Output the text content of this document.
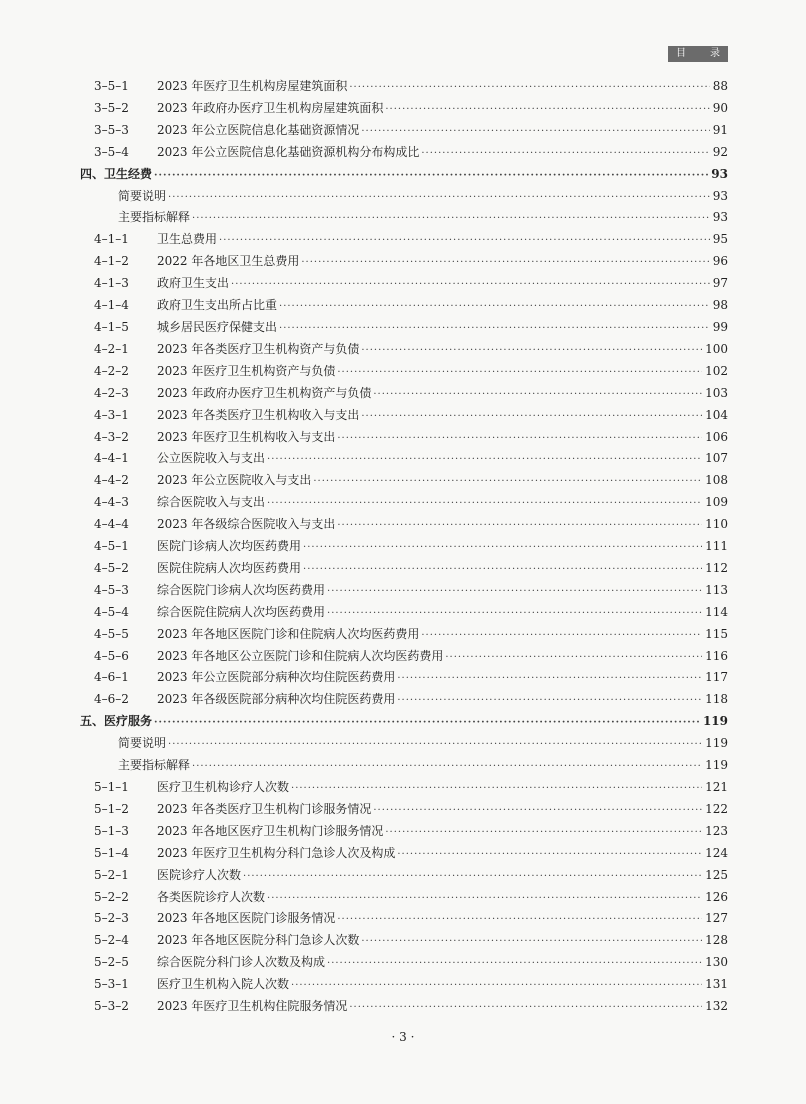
目 录
3–5–1 2023 年医疗卫生机构房屋建筑面积 ·····	88
3–5–2 2023 年政府办医疗卫生机构房屋建筑面积 ·····	90
3–5–3 2023 年公立医院信息化基础资源情况 ·····	91
3–5–4 2023 年公立医院信息化基础资源机构分布构成比 ·····	92
四、卫生经费 ·····	93
简要说明 ·····	93
主要指标解释 ·····	93
4–1–1 卫生总费用 ·····	95
4–1–2 2022 年各地区卫生总费用 ·····	96
4–1–3 政府卫生支出 ·····	97
4–1–4 政府卫生支出所占比重 ·····	98
4–1–5 城乡居民医疗保健支出 ·····	99
4–2–1 2023 年各类医疗卫生机构资产与负债 ·····	100
4–2–2 2023 年医疗卫生机构资产与负债 ·····	102
4–2–3 2023 年政府办医疗卫生机构资产与负债 ·····	103
4–3–1 2023 年各类医疗卫生机构收入与支出 ·····	104
4–3–2 2023 年医疗卫生机构收入与支出 ·····	106
4–4–1 公立医院收入与支出 ·····	107
4–4–2 2023 年公立医院收入与支出 ·····	108
4–4–3 综合医院收入与支出 ·····	109
4–4–4 2023 年各级综合医院收入与支出 ·····	110
4–5–1 医院门诊病人次均医药费用 ·····	111
4–5–2 医院住院病人次均医药费用 ·····	112
4–5–3 综合医院门诊病人次均医药费用 ·····	113
4–5–4 综合医院住院病人次均医药费用 ·····	114
4–5–5 2023 年各地区医院门诊和住院病人次均医药费用 ·····	115
4–5–6 2023 年各地区公立医院门诊和住院病人次均医药费用 ·····	116
4–6–1 2023 年公立医院部分病种次均住院医药费用 ·····	117
4–6–2 2023 年各级医院部分病种次均住院医药费用 ·····	118
五、医疗服务 ·····	119
简要说明 ·····	119
主要指标解释 ·····	119
5–1–1 医疗卫生机构诊疗人次数 ·····	121
5–1–2 2023 年各类医疗卫生机构门诊服务情况 ·····	122
5–1–3 2023 年各地区医疗卫生机构门诊服务情况 ·····	123
5–1–4 2023 年医疗卫生机构分科门急诊人次及构成 ·····	124
5–2–1 医院诊疗人次数 ·····	125
5–2–2 各类医院诊疗人次数 ·····	126
5–2–3 2023 年各地区医院门诊服务情况 ·····	127
5–2–4 2023 年各地区医院分科门急诊人次数 ·····	128
5–2–5 综合医院分科门诊人次数及构成 ·····	130
5–3–1 医疗卫生机构入院人次数 ·····	131
5–3–2 2023 年医疗卫生机构住院服务情况 ·····	132
· 3 ·
